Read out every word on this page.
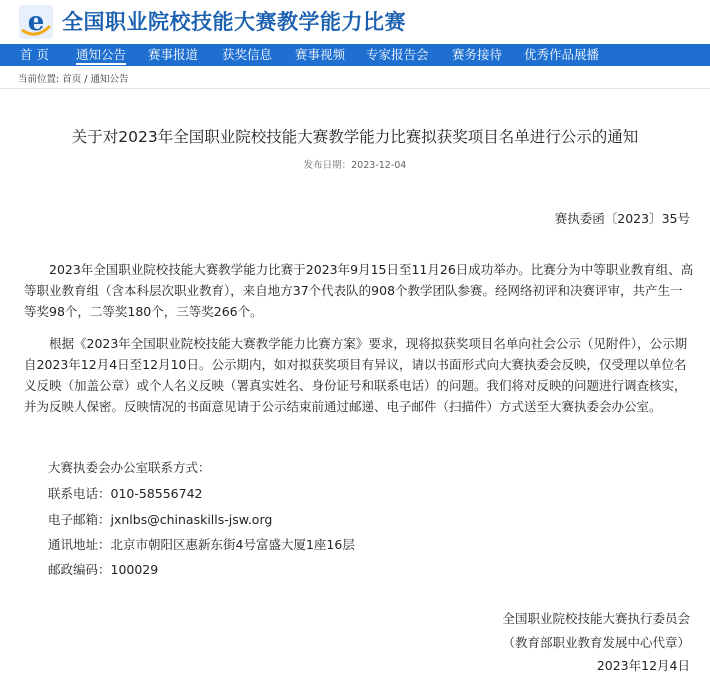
e 全国职业院校技能大赛教学能力比赛
首 页 通知公告 赛事报道 获奖信息 赛事视频 专家报告会 赛务接待 优秀作品展播
当前位置: 首页 / 通知公告
关于对2023年全国职业院校技能大赛教学能力比赛拟获奖项目名单进行公示的通知
发布日期：2023-12-04
赛执委函〔2023〕35号

2023年全国职业院校技能大赛教学能力比赛于2023年9月15日至11月26日成功举办。比赛分为中等职业教育组、高等职业教育组（含本科层次职业教育），来自地方37个代表队的908个教学团队参赛。经网络初评和决赛评审，共产生一等奖98个，二等奖180个，三等奖266个。

根据《2023年全国职业院校技能大赛教学能力比赛方案》要求，现将拟获奖项目名单向社会公示（见附件），公示期自2023年12月4日至12月10日。公示期内，如对拟获奖项目有异议，请以书面形式向大赛执委会反映，仅受理以单位名义反映（加盖公章）或个人名义反映（署真实姓名、身份证号和联系电话）的问题。我们将对反映的问题进行调查核实，并为反映人保密。反映情况的书面意见请于公示结束前通过邮递、电子邮件（扫描件）方式送至大赛执委会办公室。

大赛执委会办公室联系方式：
联系电话：010-58556742
电子邮箱：jxnlbs@chinaskills-jsw.org
通讯地址：北京市朝阳区惠新东街4号富盛大厦1座16层
邮政编码：100029
全国职业院校技能大赛执行委员会
（教育部职业教育发展中心代章）
2023年12月4日
